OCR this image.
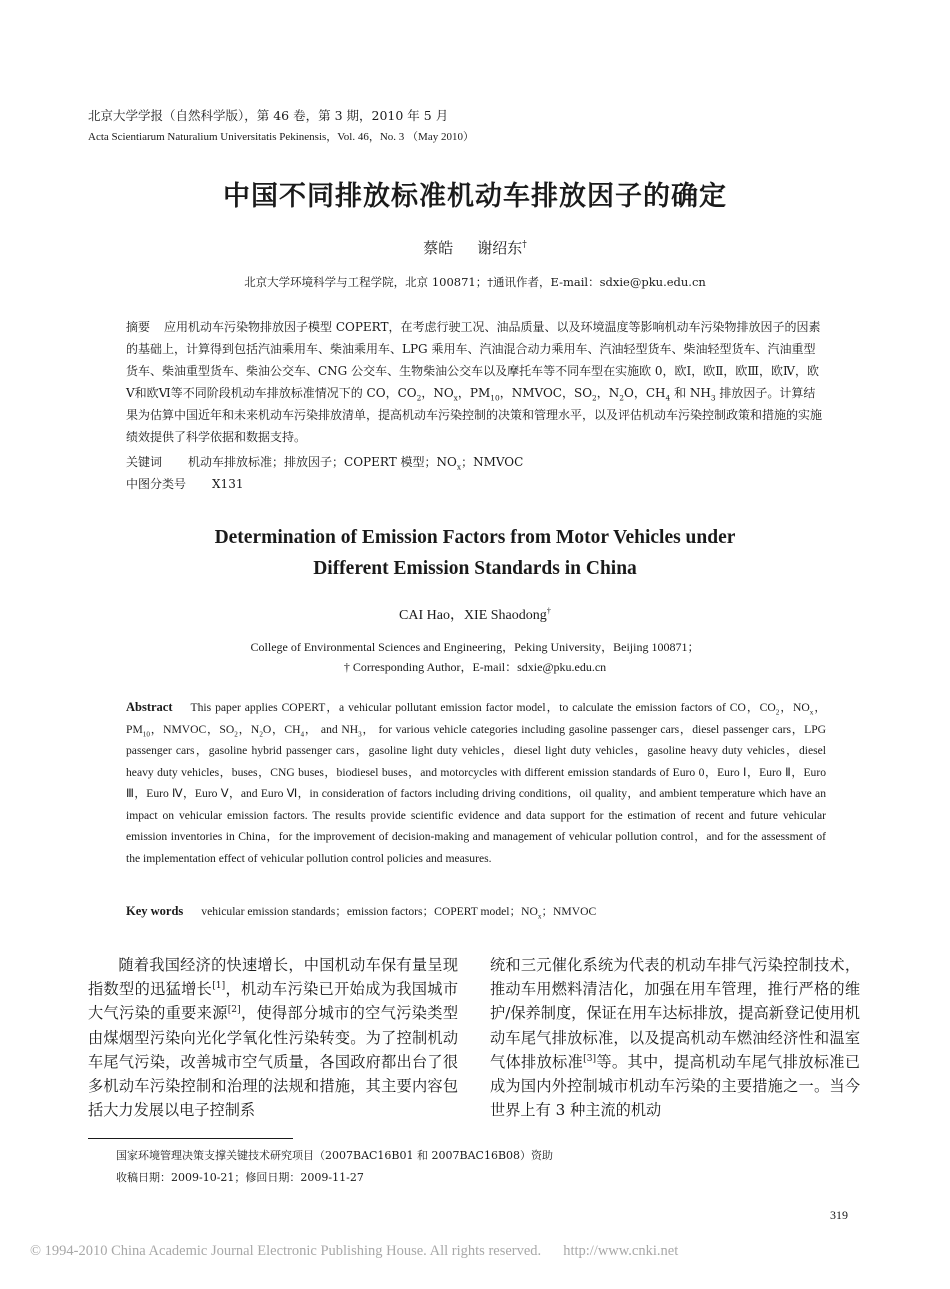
北京大学学报（自然科学版），第 46 卷，第 3 期，2010 年 5 月
Acta Scientiarum Naturalium Universitatis Pekinensis，Vol. 46，No. 3 （May 2010）
中国不同排放标准机动车排放因子的确定
蔡皓 谢绍东†
北京大学环境科学与工程学院，北京 100871；†通讯作者，E-mail：sdxie@pku.edu.cn
摘要 应用机动车污染物排放因子模型 COPERT，在考虑行驶工况、油品质量、以及环境温度等影响机动车污染物排放因子的因素的基础上，计算得到包括汽油乘用车、柴油乘用车、LPG 乘用车、汽油混合动力乘用车、汽油轻型货车、柴油轻型货车、汽油重型货车、柴油重型货车、柴油公交车、CNG 公交车、生物柴油公交车以及摩托车等不同车型在实施欧 0，欧Ⅰ，欧Ⅱ，欧Ⅲ，欧Ⅳ，欧Ⅴ和欧Ⅵ等不同阶段机动车排放标准情况下的 CO，$CO_2$，$NO_x$，$PM_{10}$，NMVOC，$SO_2$，$N_2O$，$CH_4$ 和 $NH_3$ 排放因子。计算结果为估算中国近年和未来机动车污染排放清单，提高机动车污染控制的决策和管理水平，以及评估机动车污染控制政策和措施的实施绩效提供了科学依据和数据支持。
关键词 机动车排放标准；排放因子；COPERT 模型；$NO_x$；NMVOC
中图分类号 X131
Determination of Emission Factors from Motor Vehicles under
Different Emission Standards in China
CAI Hao，XIE Shaodong†
College of Environmental Sciences and Engineering，Peking University，Beijing 100871；
† Corresponding Author，E-mail：sdxie@pku.edu.cn
Abstract This paper applies COPERT，a vehicular pollutant emission factor model，to calculate the emission factors of CO，$CO_2$，$NO_x$，$PM_{10}$，NMVOC，$SO_2$，$N_2O$，$CH_4$， and $NH_3$， for various vehicle categories including gasoline passenger cars，diesel passenger cars，LPG passenger cars，gasoline hybrid passenger cars，gasoline light duty vehicles，diesel light duty vehicles，gasoline heavy duty vehicles，diesel heavy duty vehicles，buses，CNG buses，biodiesel buses，and motorcycles with different emission standards of Euro 0，Euro Ⅰ，Euro Ⅱ，Euro Ⅲ，Euro Ⅳ，Euro Ⅴ，and Euro Ⅵ，in consideration of factors including driving conditions，oil quality，and ambient temperature which have an impact on vehicular emission factors. The results provide scientific evidence and data support for the estimation of recent and future vehicular emission inventories in China，for the improvement of decision-making and management of vehicular pollution control，and for the assessment of the implementation effect of vehicular pollution control policies and measures.
Key words vehicular emission standards；emission factors；COPERT model；$NO_x$；NMVOC
随着我国经济的快速增长，中国机动车保有量呈现指数型的迅猛增长[1]，机动车污染已开始成为我国城市大气污染的重要来源[2]，使得部分城市的空气污染类型由煤烟型污染向光化学氧化性污染转变。为了控制机动车尾气污染，改善城市空气质量，各国政府都出台了很多机动车污染控制和治理的法规和措施，其主要内容包括大力发展以电子控制系
统和三元催化系统为代表的机动车排气污染控制技术，推动车用燃料清洁化，加强在用车管理，推行严格的维护/保养制度，保证在用车达标排放，提高新登记使用机动车尾气排放标准，以及提高机动车燃油经济性和温室气体排放标准[3]等。其中，提高机动车尾气排放标准已成为国内外控制城市机动车污染的主要措施之一。当今世界上有 3 种主流的机动
国家环境管理决策支撑关键技术研究项目（2007BAC16B01 和 2007BAC16B08）资助
收稿日期：2009-10-21；修回日期：2009-11-27
319
© 1994-2010 China Academic Journal Electronic Publishing House. All rights reserved. http://www.cnki.net
